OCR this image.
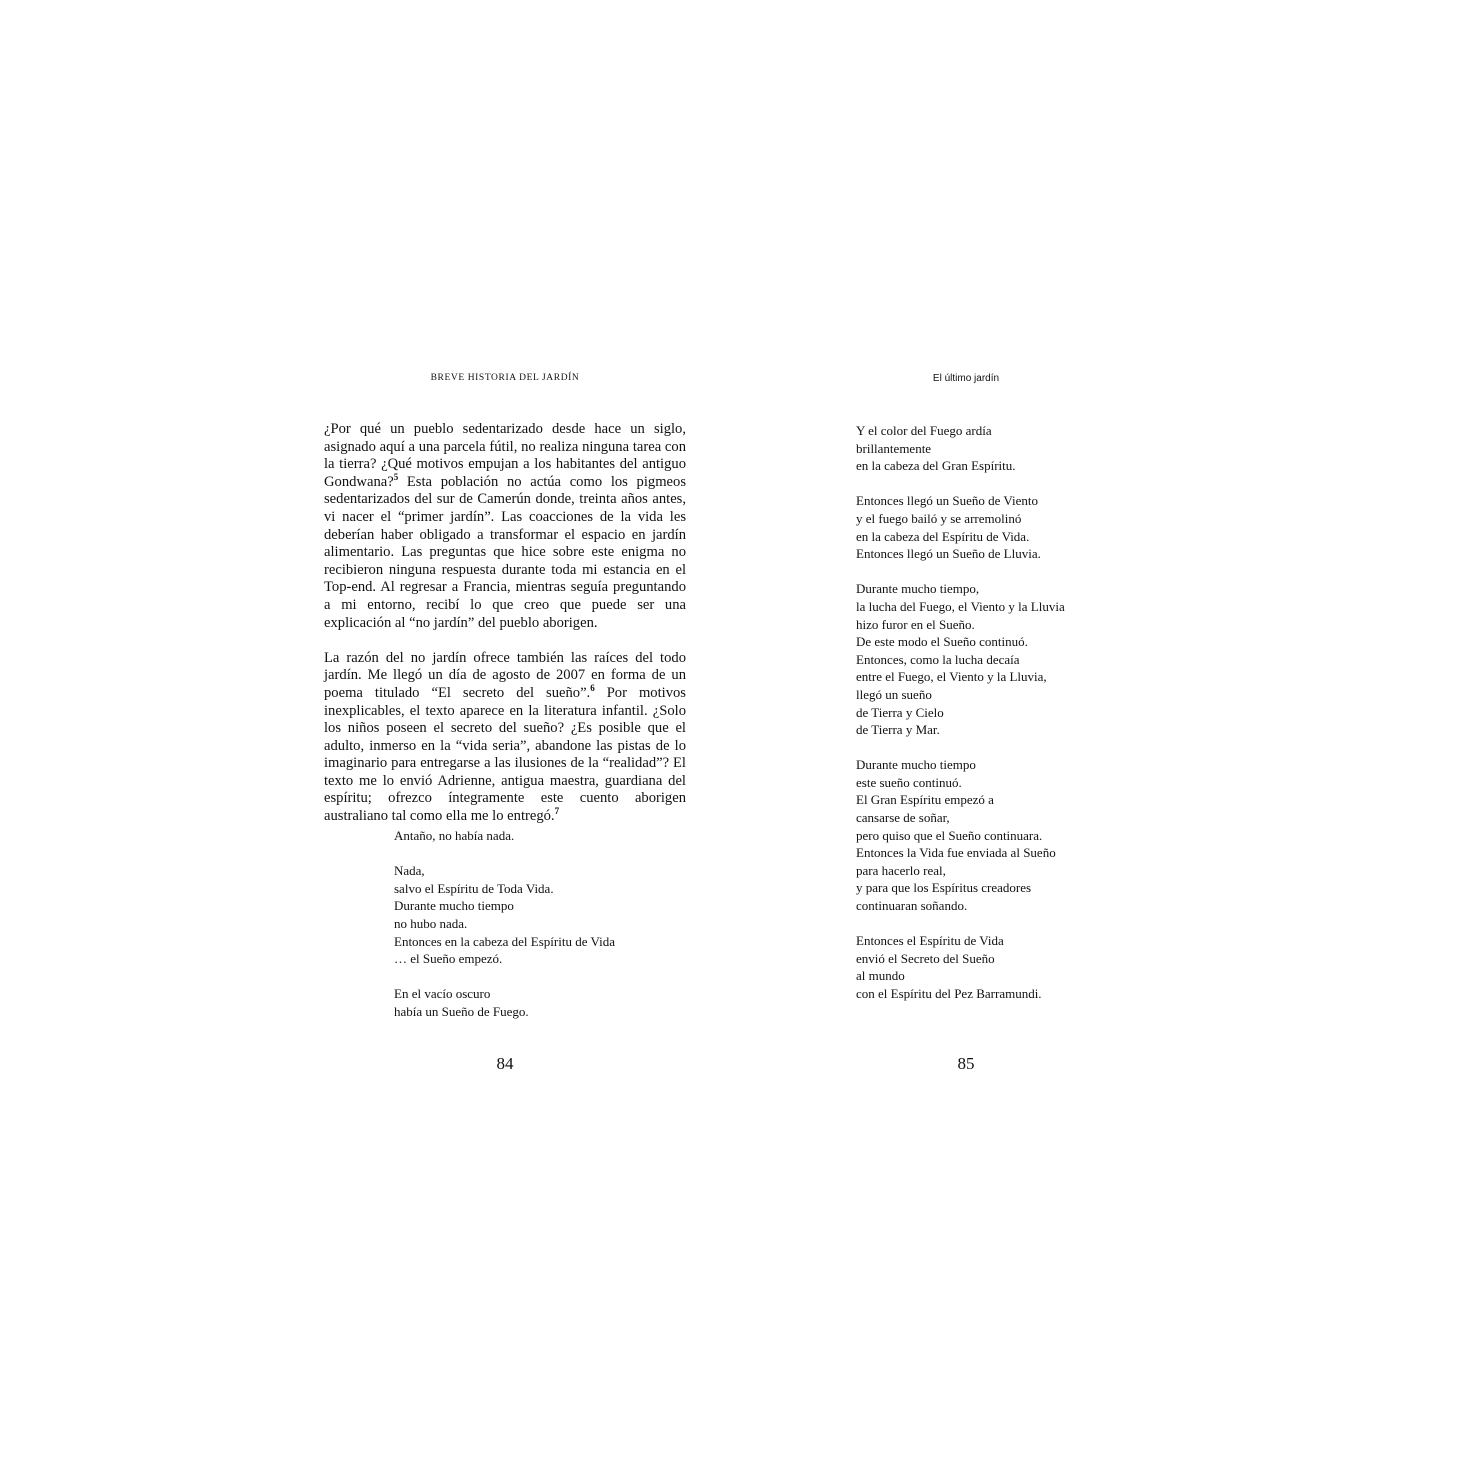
BREVE HISTORIA DEL JARDÍN

¿Por qué un pueblo sedentarizado desde hace un siglo, asignado aquí a una parcela fútil, no realiza ninguna tarea con la tierra? ¿Qué motivos empujan a los habitantes del antiguo Gondwana?$^5$ Esta población no actúa como los pigmeos sedentarizados del sur de Camerún donde, treinta años antes, vi nacer el “primer jardín”. Las coacciones de la vida les deberían haber obligado a transformar el espacio en jardín alimentario. Las preguntas que hice sobre este enigma no recibieron ninguna respuesta durante toda mi estancia en el Top-end. Al regresar a Francia, mientras seguía preguntando a mi entorno, recibí lo que creo que puede ser una explicación al “no jardín” del pueblo aborigen.

La razón del no jardín ofrece también las raíces del todo jardín. Me llegó un día de agosto de 2007 en forma de un poema titulado “El secreto del sueño”.$^6$ Por motivos inexplicables, el texto aparece en la literatura infantil. ¿Solo los niños poseen el secreto del sueño? ¿Es posible que el adulto, inmerso en la “vida seria”, abandone las pistas de lo imaginario para entregarse a las ilusiones de la “realidad”? El texto me lo envió Adrienne, antigua maestra, guardiana del espíritu; ofrezco íntegramente este cuento aborigen australiano tal como ella me lo entregó.$^7$

Antaño, no había nada.
Nada,
salvo el Espíritu de Toda Vida.
Durante mucho tiempo
no hubo nada.
Entonces en la cabeza del Espíritu de Vida
… el Sueño empezó.
En el vacío oscuro
había un Sueño de Fuego.
84

El último jardín

Y el color del Fuego ardía
brillantemente
en la cabeza del Gran Espíritu.
Entonces llegó un Sueño de Viento
y el fuego bailó y se arremolinó
en la cabeza del Espíritu de Vida.
Entonces llegó un Sueño de Lluvia.
Durante mucho tiempo,
la lucha del Fuego, el Viento y la Lluvia
hizo furor en el Sueño.
De este modo el Sueño continuó.
Entonces, como la lucha decaía
entre el Fuego, el Viento y la Lluvia,
llegó un sueño
de Tierra y Cielo
de Tierra y Mar.
Durante mucho tiempo
este sueño continuó.
El Gran Espíritu empezó a
cansarse de soñar,
pero quiso que el Sueño continuara.
Entonces la Vida fue enviada al Sueño
para hacerlo real,
y para que los Espíritus creadores
continuaran soñando.
Entonces el Espíritu de Vida
envió el Secreto del Sueño
al mundo
con el Espíritu del Pez Barramundi.
85
